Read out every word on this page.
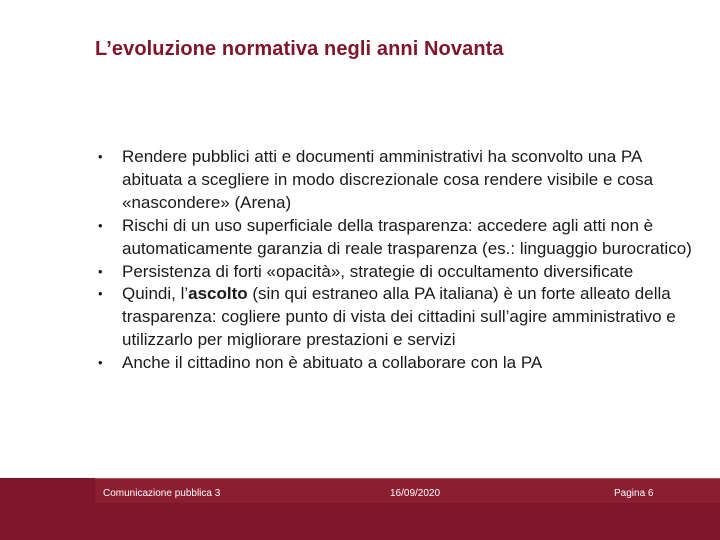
L’evoluzione normativa negli anni Novanta
• Rendere pubblici atti e documenti amministrativi ha sconvolto una PA abituata a scegliere in modo discrezionale cosa rendere visibile e cosa «nascondere» (Arena)
• Rischi di un uso superficiale della trasparenza: accedere agli atti non è automaticamente garanzia di reale trasparenza (es.: linguaggio burocratico)
• Persistenza di forti «opacità», strategie di occultamento diversificate
• Quindi, l’ascolto (sin qui estraneo alla PA italiana) è un forte alleato della trasparenza: cogliere punto di vista dei cittadini sull’agire amministrativo e utilizzarlo per migliorare prestazioni e servizi
• Anche il cittadino non è abituato a collaborare con la PA
Comunicazione pubblica 3	16/09/2020	Pagina 6
